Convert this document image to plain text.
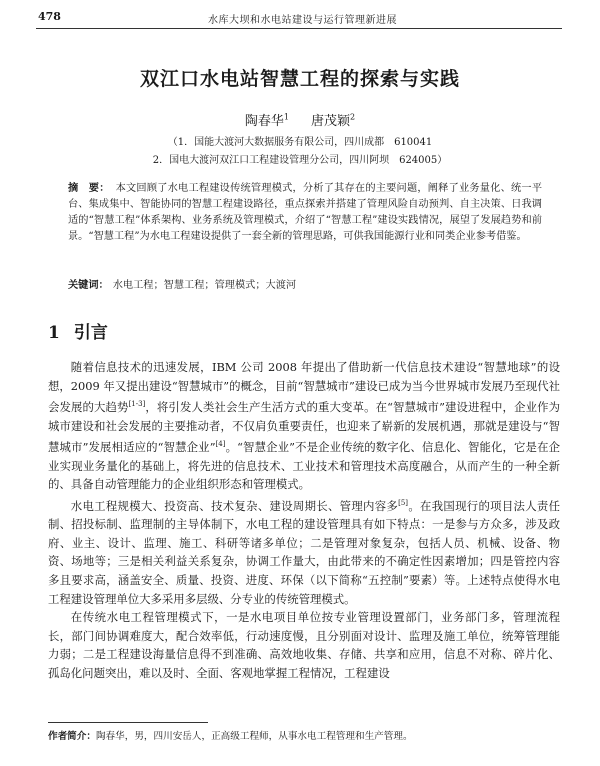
478	水库大坝和水电站建设与运行管理新进展
双江口水电站智慧工程的探索与实践
陶春华$^1$ 唐茂颖$^2$
（1．国能大渡河大数据服务有限公司，四川成都　610041
2．国电大渡河双江口工程建设管理分公司，四川阿坝　624005）
摘　要： 本文回顾了水电工程建设传统管理模式，分析了其存在的主要问题，阐释了业务量化、统一平台、集成集中、智能协同的智慧工程建设路径，重点探索并搭建了管理风险自动预判、自主决策、日我调适的“智慧工程”体系架构、业务系统及管理模式，介绍了“智慧工程”建设实践情况，展望了发展趋势和前景。“智慧工程”为水电工程建设提供了一套全新的管理思路，可供我国能源行业和同类企业参考借鉴。
关键词： 水电工程；智慧工程；管理模式；大渡河
1 引言

随着信息技术的迅速发展，IBM 公司 2008 年提出了借助新一代信息技术建设“智慧地球”的设想，2009 年又提出建设“智慧城市”的概念，目前“智慧城市”建设已成为当今世界城市发展乃至现代社会发展的大趋势[1-3]，将引发人类社会生产生活方式的重大变革。在“智慧城市”建设进程中，企业作为城市建设和社会发展的主要推动者，不仅肩负重要责任，也迎来了崭新的发展机遇，那就是建设与“智慧城市”发展相适应的“智慧企业”[4]。“智慧企业”不是企业传统的数字化、信息化、智能化，它是在企业实现业务量化的基础上，将先进的信息技术、工业技术和管理技术高度融合，从而产生的一种全新的、具备自动管理能力的企业组织形态和管理模式。

水电工程规模大、投资高、技术复杂、建设周期长、管理内容多[5]。在我国现行的项目法人责任制、招投标制、监理制的主导体制下，水电工程的建设管理具有如下特点：一是参与方众多，涉及政府、业主、设计、监理、施工、科研等诸多单位；二是管理对象复杂，包括人员、机械、设备、物资、场地等；三是相关利益关系复杂，协调工作量大，由此带来的不确定性因素增加；四是管控内容多且要求高，涵盖安全、质量、投资、进度、环保（以下简称“五控制”要素）等。上述特点使得水电工程建设管理单位大多采用多层级、分专业的传统管理模式。

在传统水电工程管理模式下，一是水电项目单位按专业管理设置部门，业务部门多，管理流程长，部门间协调难度大，配合效率低，行动速度慢，且分别面对设计、监理及施工单位，统筹管理能力弱；二是工程建设海量信息得不到准确、高效地收集、存储、共享和应用，信息不对称、碎片化、孤岛化问题突出，难以及时、全面、客观地掌握工程情况，工程建设

作者简介：陶春华，男，四川安岳人，正高级工程师，从事水电工程管理和生产管理。
